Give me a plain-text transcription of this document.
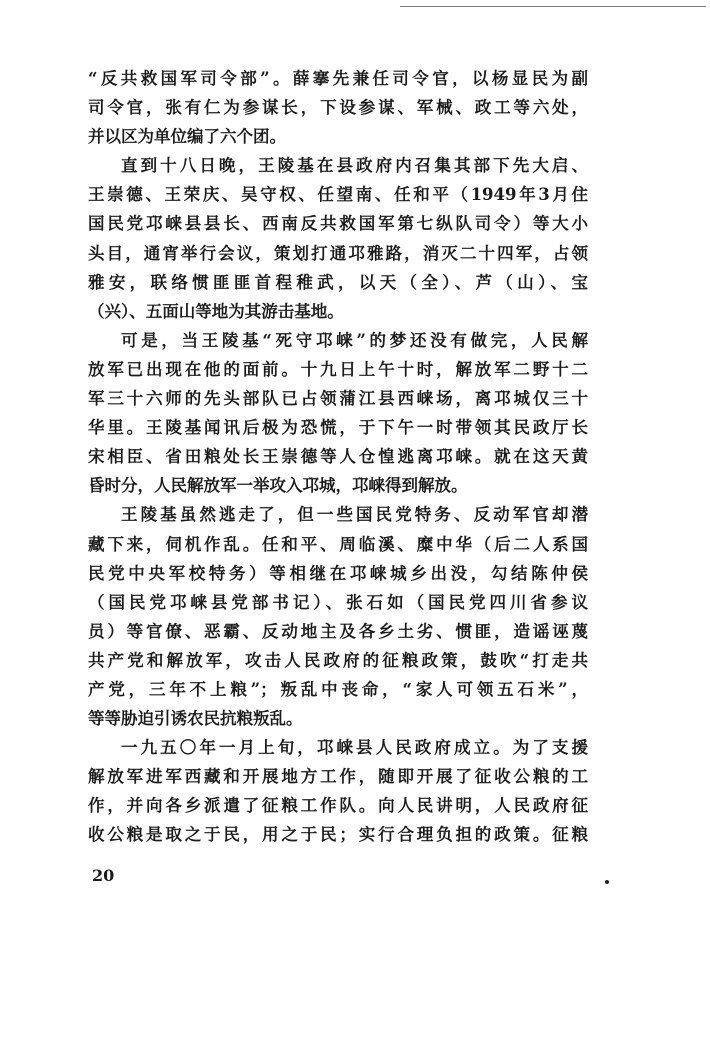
“反共救国军司令部”。薛搴先兼任司令官，以杨显民为副
司令官，张有仁为参谋长，下设参谋、军械、政工等六处，
并以区为单位编了六个团。
直到十八日晚，王陵基在县政府内召集其部下先大启、
王崇德、王荣庆、吴守权、任望南、任和平（1949年3月住
国民党邛崃县县长、西南反共救国军第七纵队司令）等大小
头目，通宵举行会议，策划打通邛雅路，消灭二十四军，占领
雅安，联络惯匪匪首程稚武，以天（全）、芦（山）、宝
（兴）、五面山等地为其游击基地。
可是，当王陵基“死守邛崃”的梦还没有做完，人民解
放军已出现在他的面前。十九日上午十时，解放军二野十二
军三十六师的先头部队已占领蒲江县西崃场，离邛城仅三十
华里。王陵基闻讯后极为恐慌，于下午一时带领其民政厅长
宋相臣、省田粮处长王崇德等人仓惶逃离邛崃。就在这天黄
昏时分，人民解放军一举攻入邛城，邛崃得到解放。
王陵基虽然逃走了，但一些国民党特务、反动军官却潜
藏下来，伺机作乱。任和平、周临溪、糜中华（后二人系国
民党中央军校特务）等相继在邛崃城乡出没，勾结陈仲侯
（国民党邛崃县党部书记）、张石如（国民党四川省参议
员）等官僚、恶霸、反动地主及各乡土劣、惯匪，造谣诬蔑
共产党和解放军，攻击人民政府的征粮政策，鼓吹“打走共
产党，三年不上粮”；叛乱中丧命，“家人可领五石米”，
等等胁迫引诱农民抗粮叛乱。
一九五〇年一月上旬，邛崃县人民政府成立。为了支援
解放军进军西藏和开展地方工作，随即开展了征收公粮的工
作，并向各乡派遣了征粮工作队。向人民讲明，人民政府征
收公粮是取之于民，用之于民；实行合理负担的政策。征粮
20
